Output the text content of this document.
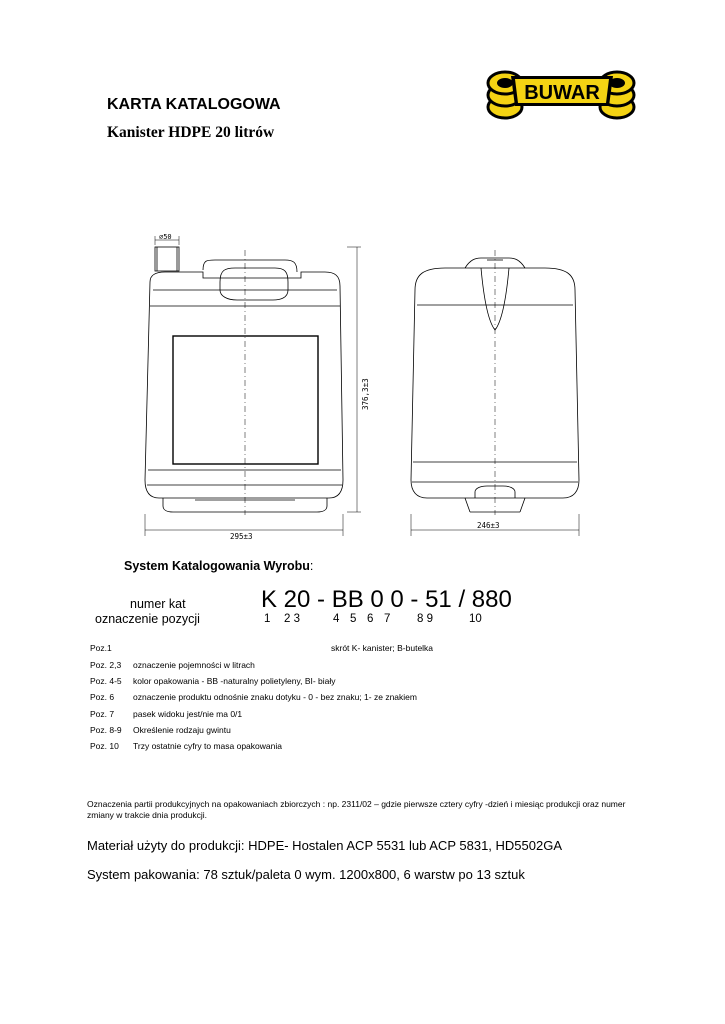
KARTA KATALOGOWA
Kanister HDPE 20 litrów
BUWAR
⌀50
376,3±3
295±3
246±3
System Katalogowania Wyrobu:
numer kat
oznaczenie pozycji
K 20 - BB 0 0 - 51 / 880
1 2 3	4 5 6 7 8 9	10
Poz.1	skrót K- kanister; B-butelka
Poz. 2,3 oznaczenie pojemności w litrach
Poz. 4-5 kolor opakowania - BB -naturalny polietyleny, BI- biały
Poz. 6 oznaczenie produktu odnośnie znaku dotyku - 0 - bez znaku; 1- ze znakiem
Poz. 7 pasek widoku jest/nie ma 0/1
Poz. 8-9 Określenie rodzaju gwintu
Poz. 10 Trzy ostatnie cyfry to masa opakowania
Oznaczenia partii produkcyjnych na opakowaniach zbiorczych : np. 2311/02 – gdzie pierwsze cztery cyfry -dzień i miesiąc produkcji oraz numer zmiany w trakcie dnia produkcji.
Materiał użyty do produkcji: HDPE- Hostalen ACP 5531 lub ACP 5831, HD5502GA
System pakowania: 78 sztuk/paleta 0 wym. 1200x800, 6 warstw po 13 sztuk
